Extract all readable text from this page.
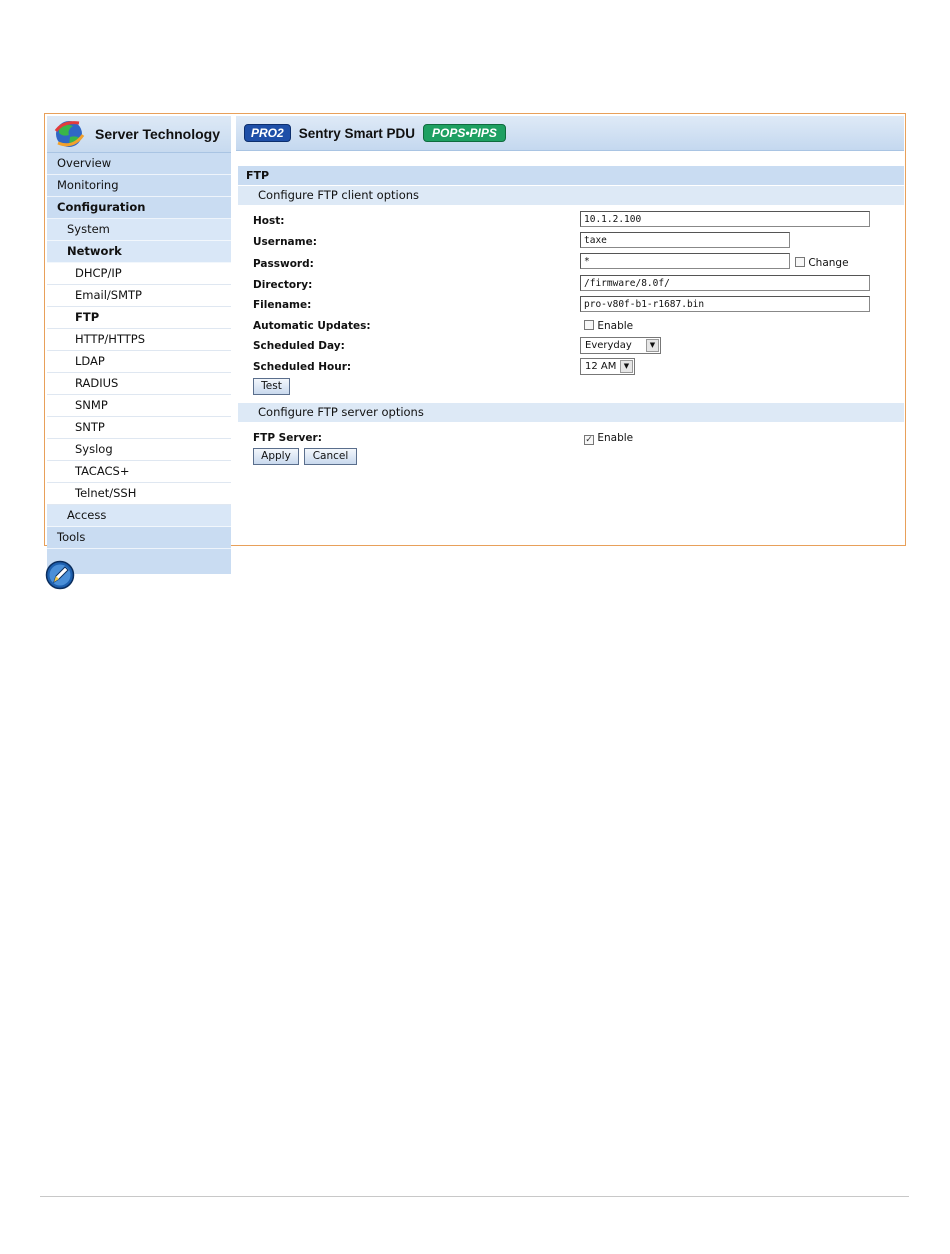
Server Technology
Overview
Monitoring
Configuration
System
Network
DHCP/IP
Email/SMTP
FTP
HTTP/HTTPS
LDAP
RADIUS
SNMP
SNTP
Syslog
TACACS+
Telnet/SSH
Access
Tools
PRO2	Sentry Smart PDU	POPS•PIPS
FTP
Configure FTP client options
Host:	10.1.2.100
Username:	taxe
Password:	*	Change
Directory:	/firmware/8.0f/
Filename:	pro-v80f-b1-r1687.bin
Automatic Updates:	Enable
Scheduled Day:	Everyday	▼
Scheduled Hour:	12 AM	▼
Test
Configure FTP server options
FTP Server:	✓ Enable
Apply	Cancel
